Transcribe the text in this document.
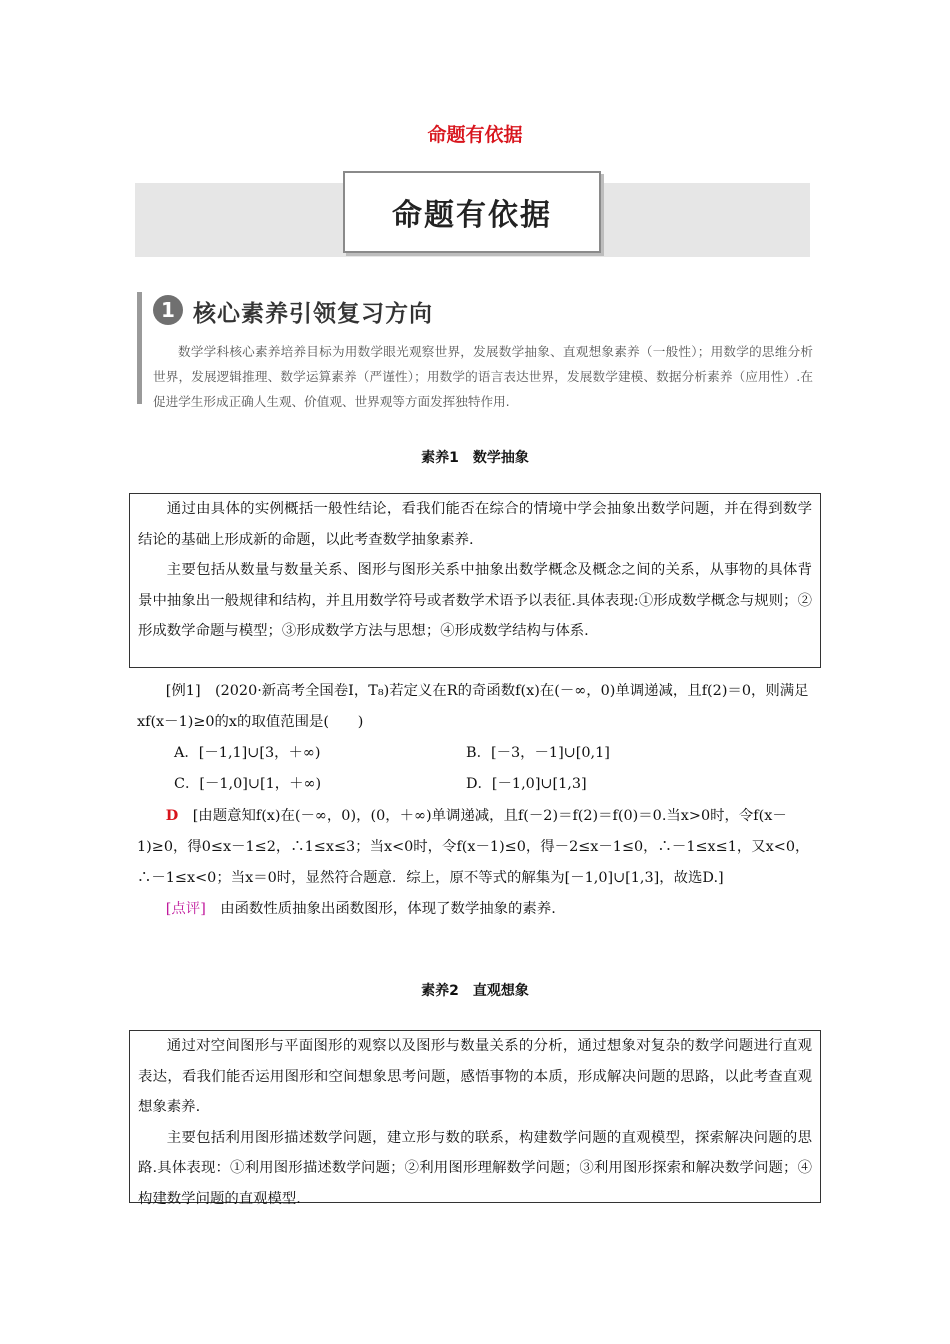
命题有依据
命题有依据
1 核心素养引领复习方向
数学学科核心素养培养目标为用数学眼光观察世界，发展数学抽象、直观想象素养（一般性）；用数学的思维分析世界，发展逻辑推理、数学运算素养（严谨性）；用数学的语言表达世界，发展数学建模、数据分析素养（应用性）.在促进学生形成正确人生观、价值观、世界观等方面发挥独特作用.
素养1　数学抽象

通过由具体的实例概括一般性结论，看我们能否在综合的情境中学会抽象出数学问题，并在得到数学结论的基础上形成新的命题，以此考查数学抽象素养.

主要包括从数量与数量关系、图形与图形关系中抽象出数学概念及概念之间的关系，从事物的具体背景中抽象出一般规律和结构，并且用数学符号或者数学术语予以表征.具体表现:①形成数学概念与规则；②形成数学命题与模型；③形成数学方法与思想；④形成数学结构与体系.

[例1]　 (2020·新高考全国卷Ⅰ，T₈)若定义在R的奇函数f(x)在(－∞，0)单调递减，且f(2)＝0，则满足xf(x－1)≥0的x的取值范围是(　　)

A．[－1,1]∪[3，＋∞)	B．[－3，－1]∪[0,1]
C．[－1,0]∪[1，＋∞)	D．[－1,0]∪[1,3]

D　 [由题意知f(x)在(－∞，0)，(0，＋∞)单调递减，且f(－2)＝f(2)＝f(0)＝0.当x>0时，令f(x－1)≥0，得0≤x－1≤2，∴1≤x≤3；当x<0时，令f(x－1)≤0，得－2≤x－1≤0，∴－1≤x≤1，又x<0，∴－1≤x<0；当x＝0时，显然符合题意．综上，原不等式的解集为[－1,0]∪[1,3]，故选D.]

[点评]　 由函数性质抽象出函数图形，体现了数学抽象的素养.

素养2　直观想象

通过对空间图形与平面图形的观察以及图形与数量关系的分析，通过想象对复杂的数学问题进行直观表达，看我们能否运用图形和空间想象思考问题，感悟事物的本质，形成解决问题的思路，以此考查直观想象素养.

主要包括利用图形描述数学问题，建立形与数的联系，构建数学问题的直观模型，探索解决问题的思路.具体表现：①利用图形描述数学问题；②利用图形理解数学问题；③利用图形探索和解决数学问题；④构建数学问题的直观模型.
